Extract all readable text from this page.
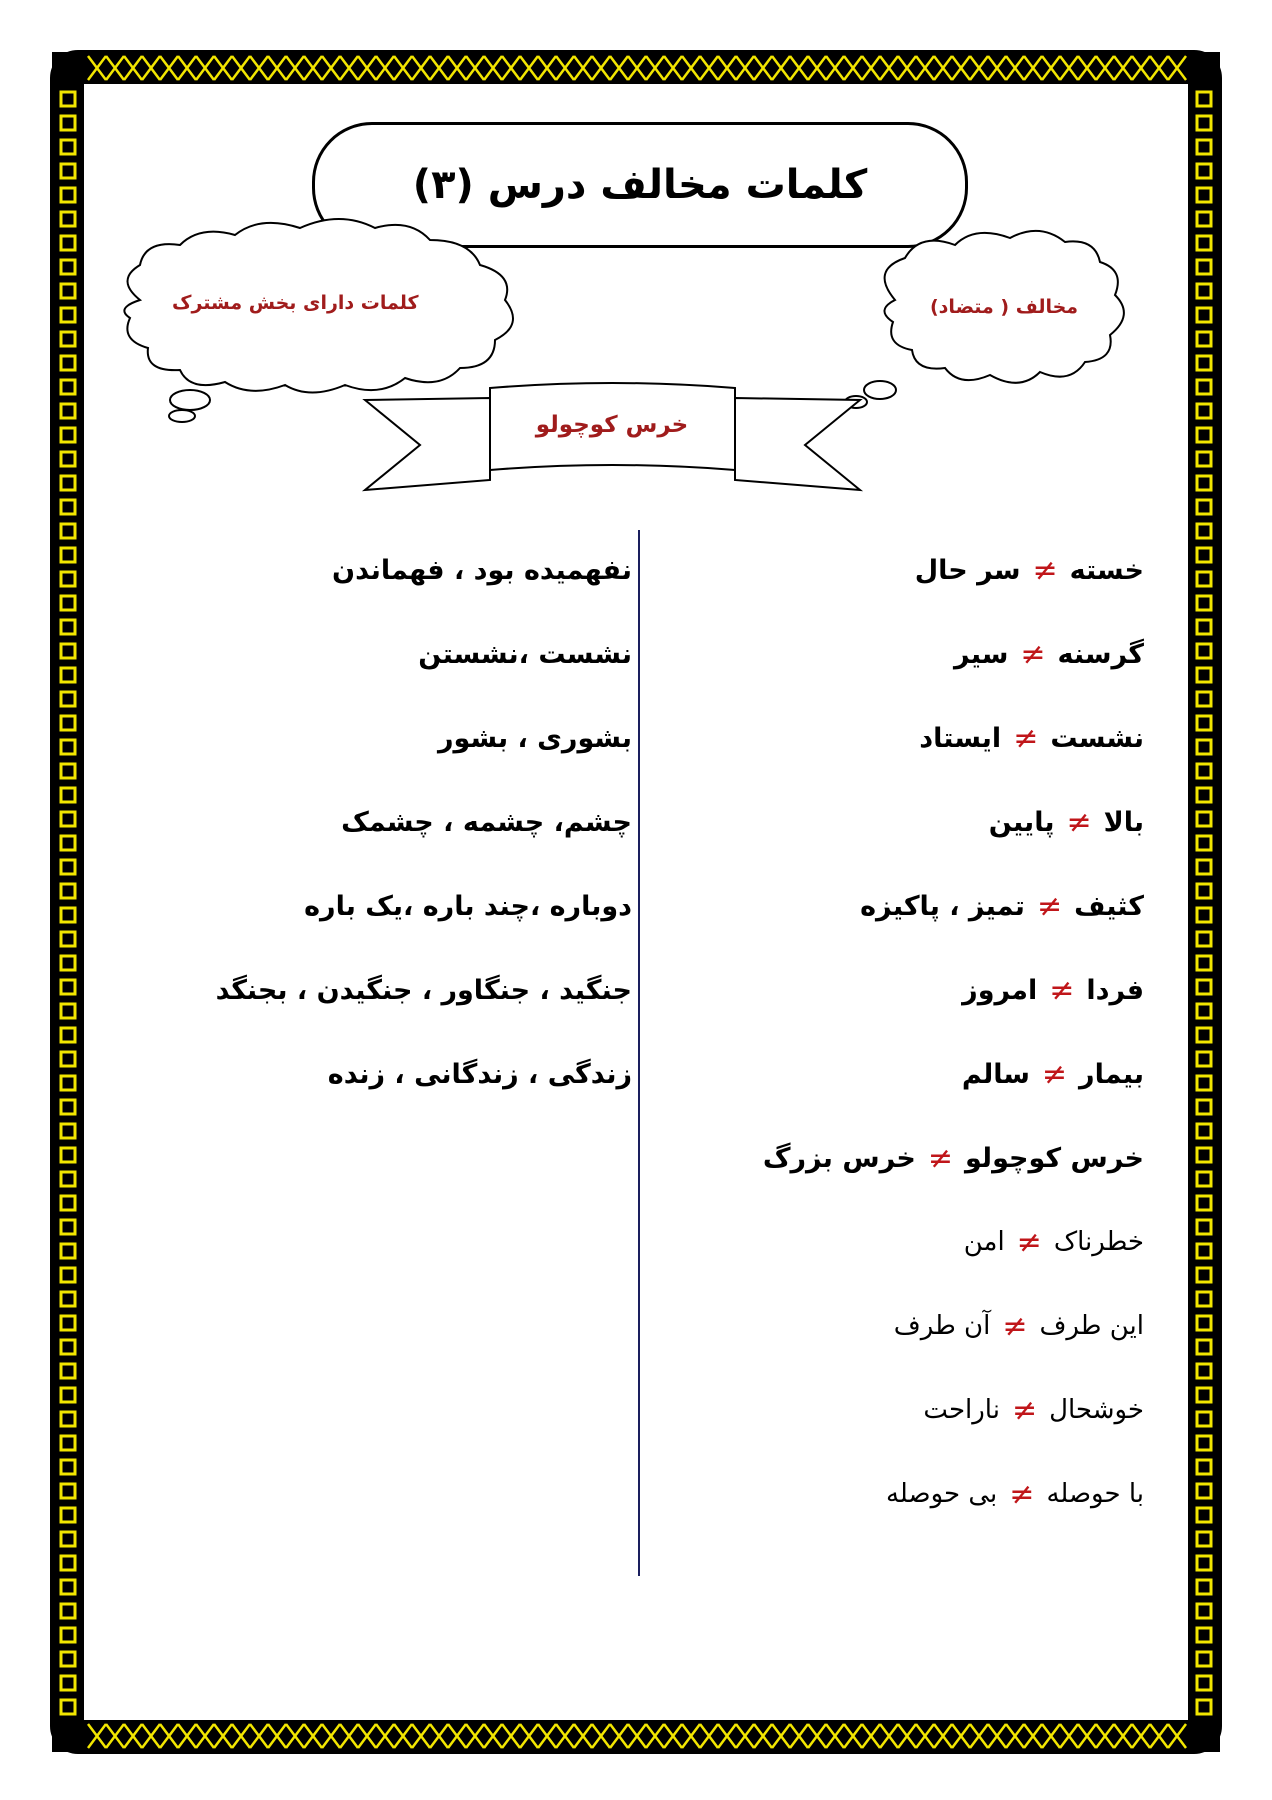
کلمات مخالف درس (۳)
مخالف ( متضاد)
کلمات دارای بخش مشترک
خرس کوچولو
خسته
≠
سر حال
گرسنه
≠
سیر
نشست
≠
ایستاد
بالا
≠
پایین
کثیف
≠
تمیز ، پاکیزه
فردا
≠
امروز
بیمار
≠
سالم
خرس کوچولو
≠
خرس بزرگ
خطرناک
≠
امن
این طرف
≠
آن طرف
خوشحال
≠
ناراحت
با حوصله
≠
بی حوصله
نفهمیده بود ، فهماندن
نشست ،نشستن
بشوری ، بشور
چشم، چشمه ، چشمک
دوباره ،چند باره ،یک باره
جنگید ، جنگاور ، جنگیدن ، بجنگد
زندگی ، زندگانی ، زنده
